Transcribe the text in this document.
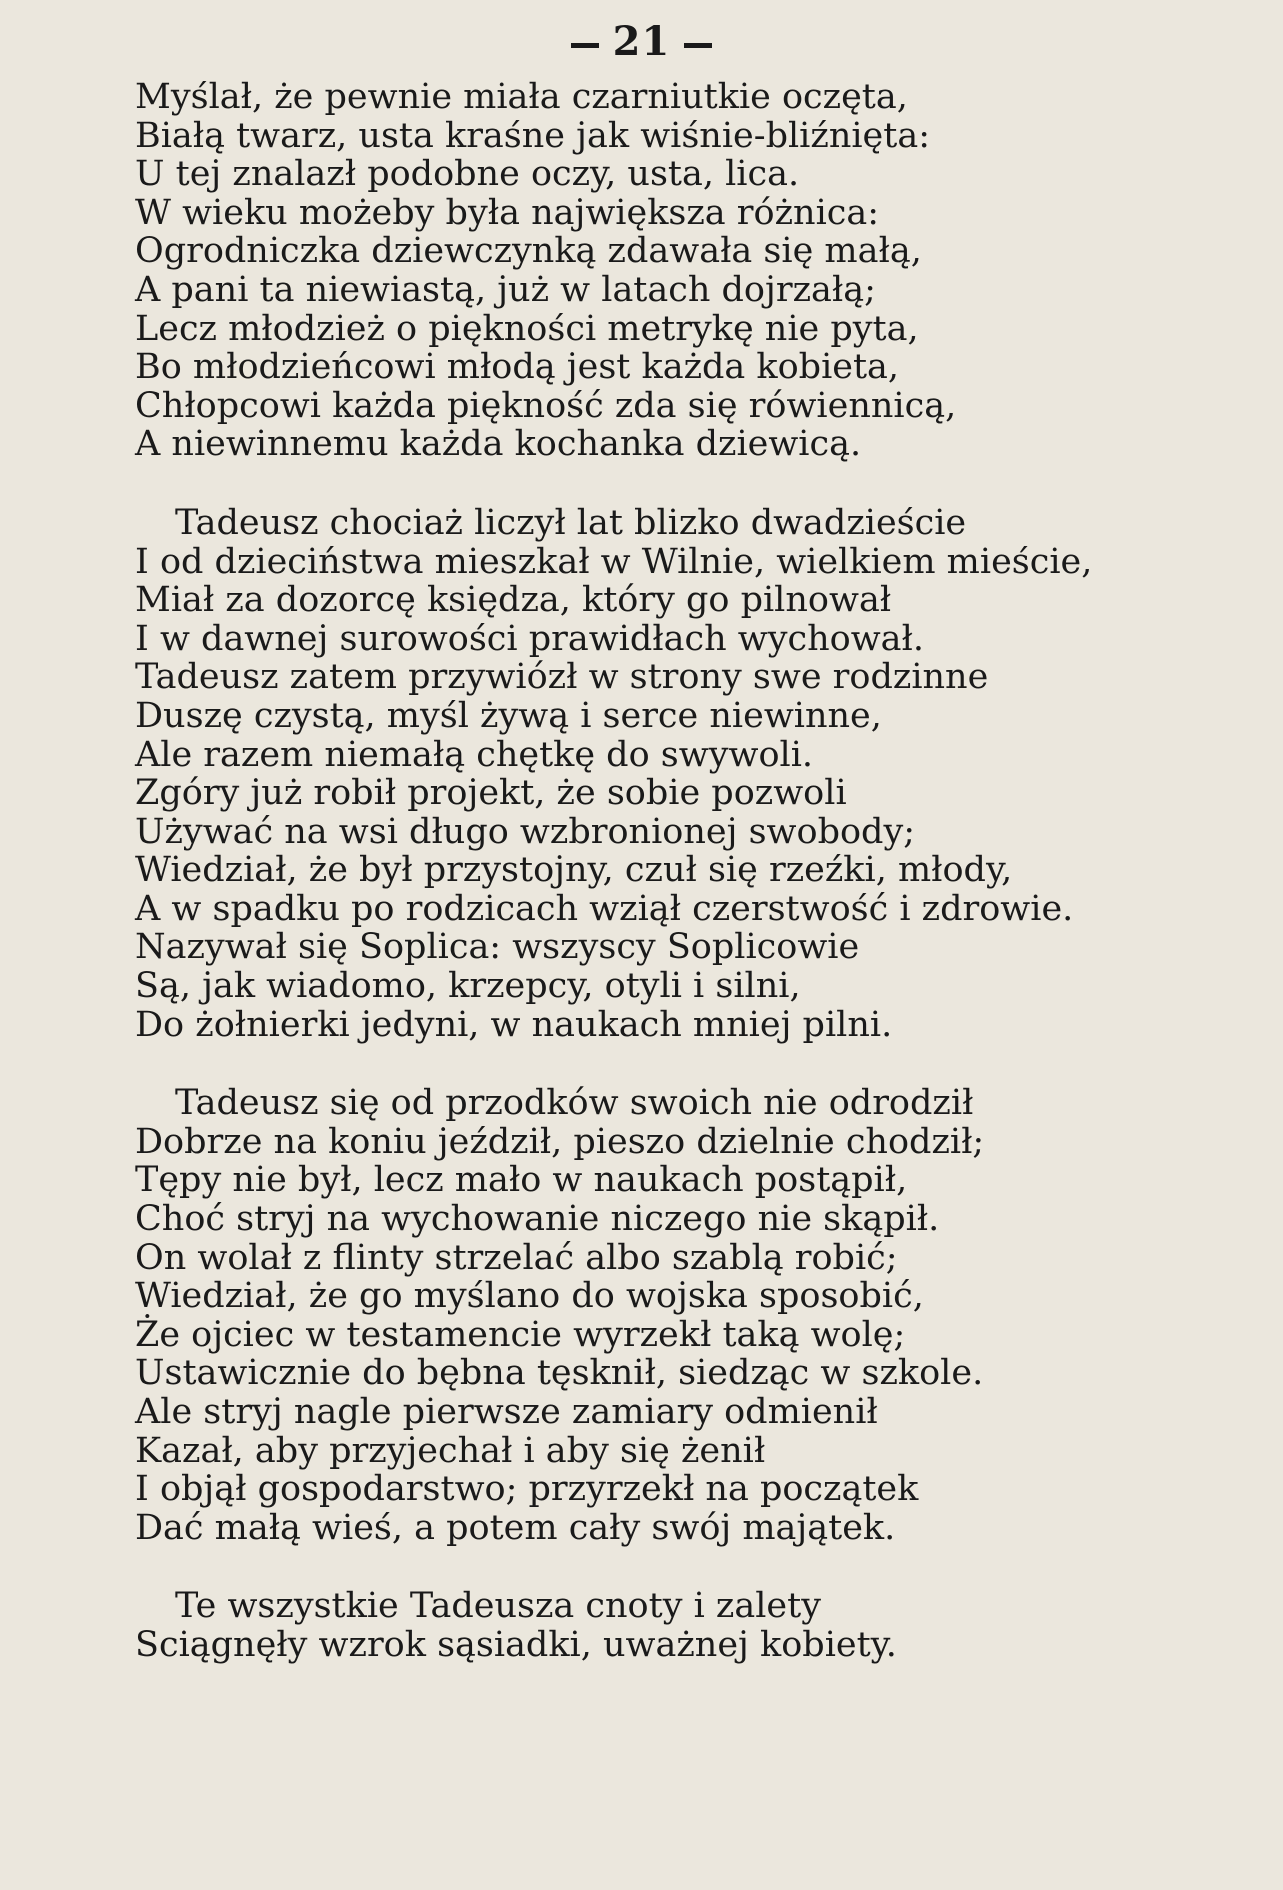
21
Myślał, że pewnie miała czarniutkie oczęta,
Białą twarz, usta kraśne jak wiśnie-bliźnięta:
U tej znalazł podobne oczy, usta, lica.
W wieku możeby była największa różnica:
Ogrodniczka dziewczynką zdawała się małą,
A pani ta niewiastą, już w latach dojrzałą;
Lecz młodzież o piękności metrykę nie pyta,
Bo młodzieńcowi młodą jest każda kobieta,
Chłopcowi każda piękność zda się rówiennicą,
A niewinnemu każda kochanka dziewicą.
Tadeusz chociaż liczył lat blizko dwadzieście
I od dzieciństwa mieszkał w Wilnie, wielkiem mieście,
Miał za dozorcę księdza, który go pilnował
I w dawnej surowości prawidłach wychował.
Tadeusz zatem przywiózł w strony swe rodzinne
Duszę czystą, myśl żywą i serce niewinne,
Ale razem niemałą chętkę do swywoli.
Zgóry już robił projekt, że sobie pozwoli
Używać na wsi długo wzbronionej swobody;
Wiedział, że był przystojny, czuł się rzeźki, młody,
A w spadku po rodzicach wziął czerstwość i zdrowie.
Nazywał się Soplica: wszyscy Soplicowie
Są, jak wiadomo, krzepcy, otyli i silni,
Do żołnierki jedyni, w naukach mniej pilni.
Tadeusz się od przodków swoich nie odrodził
Dobrze na koniu jeździł, pieszo dzielnie chodził;
Tępy nie był, lecz mało w naukach postąpił,
Choć stryj na wychowanie niczego nie skąpił.
On wolał z flinty strzelać albo szablą robić;
Wiedział, że go myślano do wojska sposobić,
Że ojciec w testamencie wyrzekł taką wolę;
Ustawicznie do bębna tęsknił, siedząc w szkole.
Ale stryj nagle pierwsze zamiary odmienił
Kazał, aby przyjechał i aby się żenił
I objął gospodarstwo; przyrzekł na początek
Dać małą wieś, a potem cały swój majątek.
Te wszystkie Tadeusza cnoty i zalety
Sciągnęły wzrok sąsiadki, uważnej kobiety.
